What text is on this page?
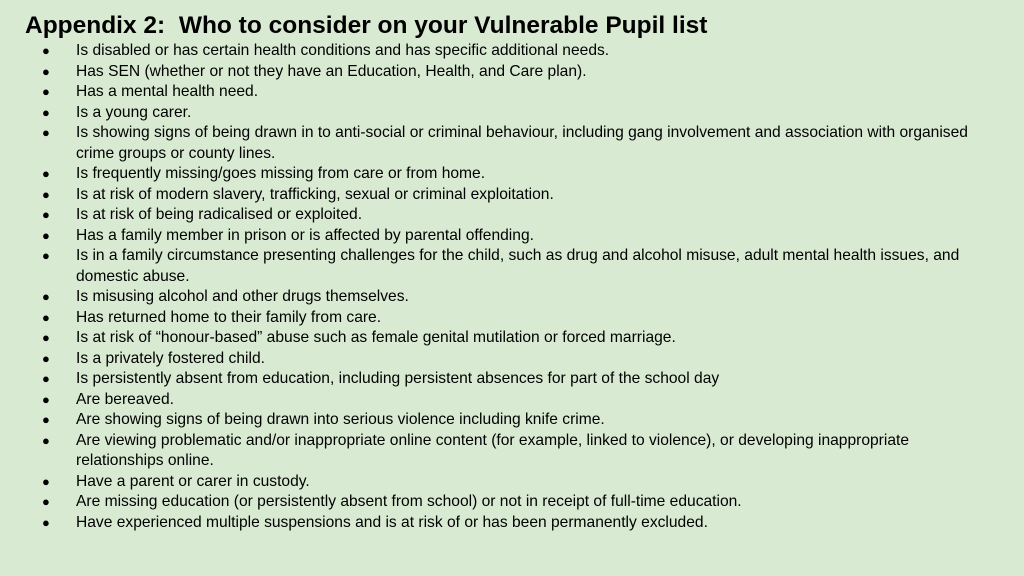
Appendix 2:  Who to consider on your Vulnerable Pupil list
● Is disabled or has certain health conditions and has specific additional needs.
● Has SEN (whether or not they have an Education, Health, and Care plan).
● Has a mental health need.
● Is a young carer.
● Is showing signs of being drawn in to anti-social or criminal behaviour, including gang involvement and association with organised crime groups or county lines.
● Is frequently missing/goes missing from care or from home.
● Is at risk of modern slavery, trafficking, sexual or criminal exploitation.
● Is at risk of being radicalised or exploited.
● Has a family member in prison or is affected by parental offending.
● Is in a family circumstance presenting challenges for the child, such as drug and alcohol misuse, adult mental health issues, and domestic abuse.
● Is misusing alcohol and other drugs themselves.
● Has returned home to their family from care.
● Is at risk of “honour-based” abuse such as female genital mutilation or forced marriage.
● Is a privately fostered child.
● Is persistently absent from education, including persistent absences for part of the school day
● Are bereaved.
● Are showing signs of being drawn into serious violence including knife crime.
● Are viewing problematic and/or inappropriate online content (for example, linked to violence), or developing inappropriate relationships online.
● Have a parent or carer in custody.
● Are missing education (or persistently absent from school) or not in receipt of full-time education.
● Have experienced multiple suspensions and is at risk of or has been permanently excluded.
